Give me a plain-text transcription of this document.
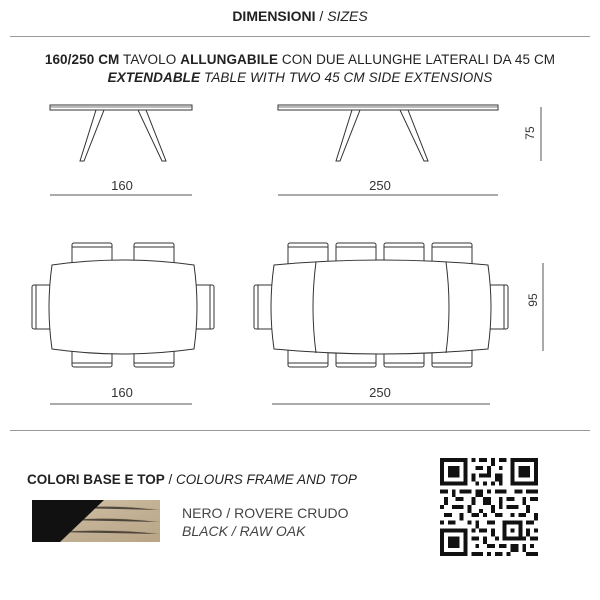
DIMENSIONI / SIZES
160/250 CM TAVOLO ALLUNGABILE CON DUE ALLUNGHE LATERALI DA 45 CM
EXTENDABLE TABLE WITH TWO 45 CM SIDE EXTENSIONS
160	250
75
160	250
95
COLORI BASE E TOP / COLOURS FRAME AND TOP
NERO / ROVERE CRUDO
BLACK / RAW OAK
